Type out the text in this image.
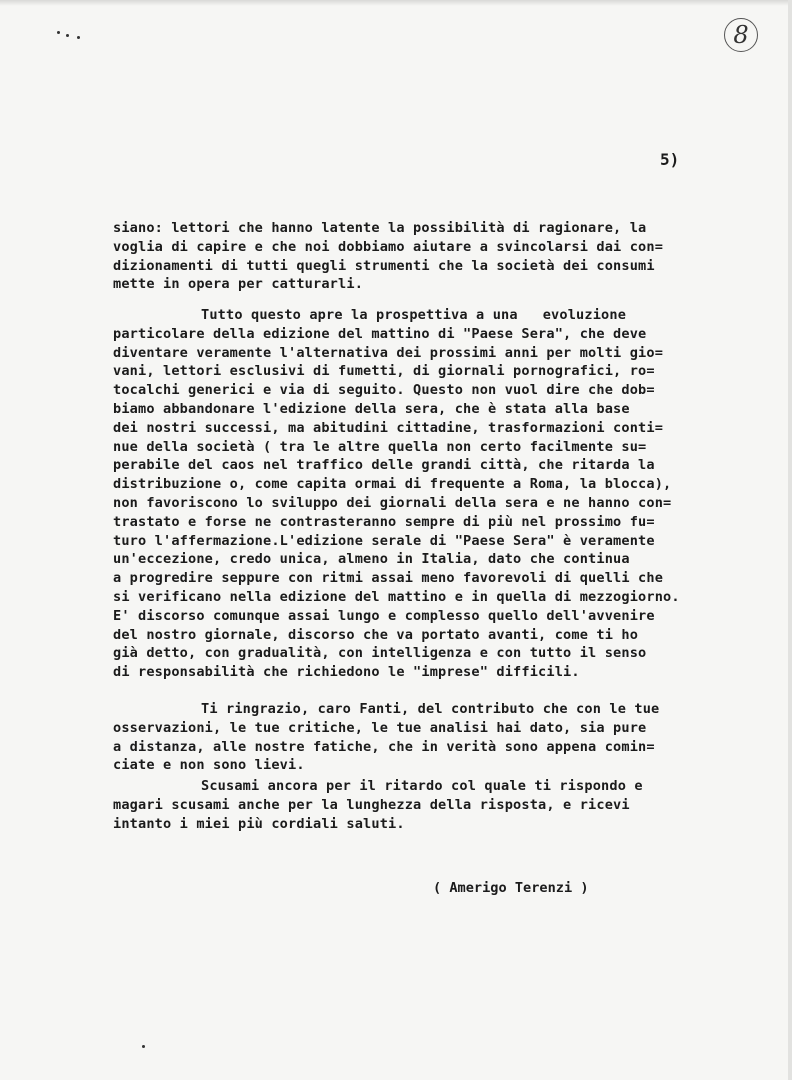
8
5)
siano: lettori che hanno latente la possibilità di ragionare, la
voglia di capire e che noi dobbiamo aiutare a svincolarsi dai con=
dizionamenti di tutti quegli strumenti che la società dei consumi
mette in opera per catturarli.
Tutto questo apre la prospettiva a una   evoluzione
particolare della edizione del mattino di "Paese Sera", che deve
diventare veramente l'alternativa dei prossimi anni per molti gio=
vani, lettori esclusivi di fumetti, di giornali pornografici, ro=
tocalchi generici e via di seguito. Questo non vuol dire che dob=
biamo abbandonare l'edizione della sera, che è stata alla base
dei nostri successi, ma abitudini cittadine, trasformazioni conti=
nue della società ( tra le altre quella non certo facilmente su=
perabile del caos nel traffico delle grandi città, che ritarda la
distribuzione o, come capita ormai di frequente a Roma, la blocca),
non favoriscono lo sviluppo dei giornali della sera e ne hanno con=
trastato e forse ne contrasteranno sempre di più nel prossimo fu=
turo l'affermazione.L'edizione serale di "Paese Sera" è veramente
un'eccezione, credo unica, almeno in Italia, dato che continua
a progredire seppure con ritmi assai meno favorevoli di quelli che
si verificano nella edizione del mattino e in quella di mezzogiorno.
E' discorso comunque assai lungo e complesso quello dell'avvenire
del nostro giornale, discorso che va portato avanti, come ti ho
già detto, con gradualità, con intelligenza e con tutto il senso
di responsabilità che richiedono le "imprese" difficili.
Ti ringrazio, caro Fanti, del contributo che con le tue
osservazioni, le tue critiche, le tue analisi hai dato, sia pure
a distanza, alle nostre fatiche, che in verità sono appena comin=
ciate e non sono lievi.
Scusami ancora per il ritardo col quale ti rispondo e
magari scusami anche per la lunghezza della risposta, e ricevi
intanto i miei più cordiali saluti.
( Amerigo Terenzi )
